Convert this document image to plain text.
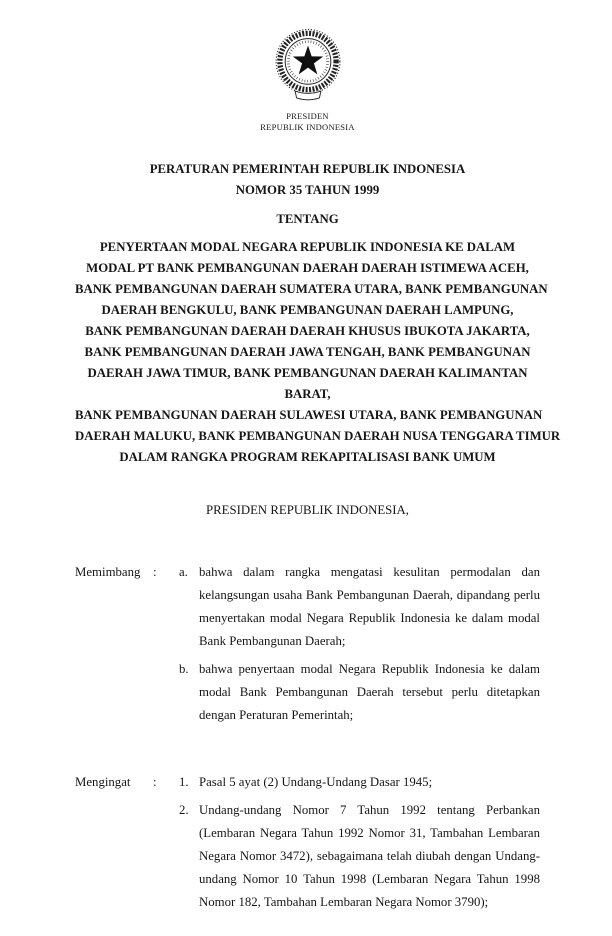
PRESIDEN
REPUBLIK INDONESIA
PERATURAN PEMERINTAH REPUBLIK INDONESIA
NOMOR 35 TAHUN 1999
TENTANG
PENYERTAAN MODAL NEGARA REPUBLIK INDONESIA KE DALAM
MODAL PT BANK PEMBANGUNAN DAERAH DAERAH ISTIMEWA ACEH,
BANK PEMBANGUNAN DAERAH SUMATERA UTARA, BANK PEMBANGUNAN
DAERAH BENGKULU, BANK PEMBANGUNAN DAERAH LAMPUNG,
BANK PEMBANGUNAN DAERAH DAERAH KHUSUS IBUKOTA JAKARTA,
BANK PEMBANGUNAN DAERAH JAWA TENGAH, BANK PEMBANGUNAN
DAERAH JAWA TIMUR, BANK PEMBANGUNAN DAERAH KALIMANTAN
BARAT,
BANK PEMBANGUNAN DAERAH SULAWESI UTARA, BANK PEMBANGUNAN
DAERAH MALUKU, BANK PEMBANGUNAN DAERAH NUSA TENGGARA TIMUR
DALAM RANGKA PROGRAM REKAPITALISASI BANK UMUM
PRESIDEN REPUBLIK INDONESIA,
Memimbang :	a. bahwa dalam rangka mengatasi kesulitan permodalan dan kelangsungan usaha Bank Pembangunan Daerah, dipandang perlu menyertakan modal Negara Republik Indonesia ke dalam modal Bank Pembangunan Daerah;
b. bahwa penyertaan modal Negara Republik Indonesia ke dalam modal Bank Pembangunan Daerah tersebut perlu ditetapkan dengan Peraturan Pemerintah;
Mengingat	:	1. Pasal 5 ayat (2) Undang-Undang Dasar 1945;
2. Undang-undang Nomor 7 Tahun 1992 tentang Perbankan (Lembaran Negara Tahun 1992 Nomor 31, Tambahan Lembaran Negara Nomor 3472), sebagaimana telah diubah dengan Undang-undang Nomor 10 Tahun 1998 (Lembaran Negara Tahun 1998 Nomor 182, Tambahan Lembaran Negara Nomor 3790);
